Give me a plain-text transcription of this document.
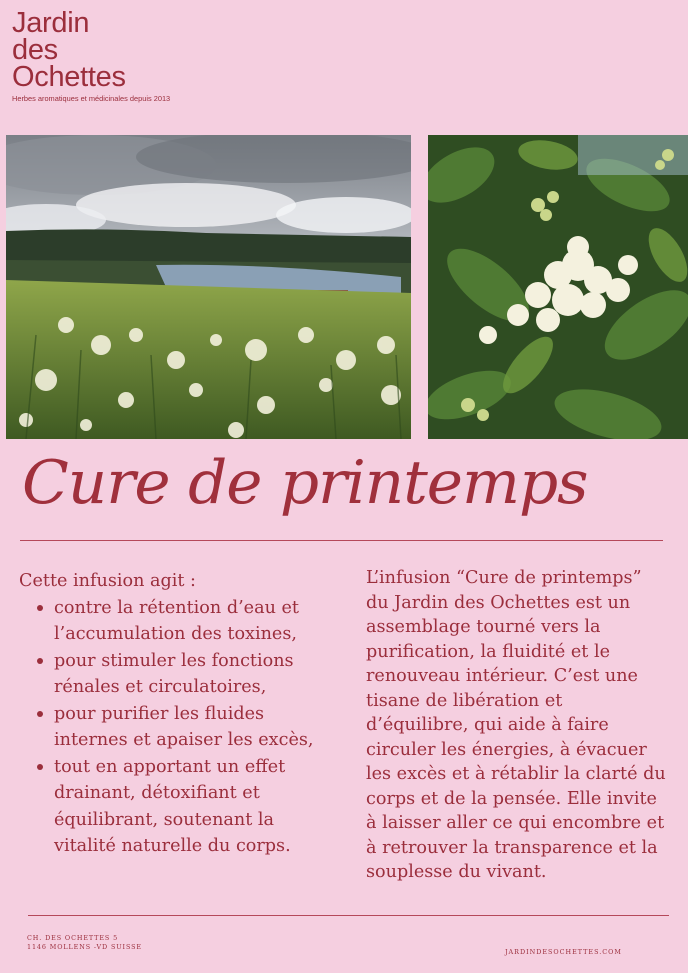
Jardin
des
Ochettes
Herbes aromatiques et médicinales depuis 2013
Cure de printemps

Cette infusion agit :

contre la rétention d’eau et l’accumulation des toxines,
pour stimuler les fonctions rénales et circulatoires,
pour purifier les fluides internes et apaiser les excès,
tout en apportant un effet drainant, détoxifiant et équilibrant, soutenant la vitalité naturelle du corps.

L’infusion “Cure de printemps” du Jardin des Ochettes est un assemblage tourné vers la purification, la fluidité et le renouveau intérieur. C’est une tisane de libération et d’équilibre, qui aide à faire circuler les énergies, à évacuer les excès et à rétablir la clarté du corps et de la pensée. Elle invite à laisser aller ce qui encombre et à retrouver la transparence et la souplesse du vivant.

CH. DES OCHETTES 5
1146 MOLLENS -VD SUISSE
JARDINDESOCHETTES.COM
